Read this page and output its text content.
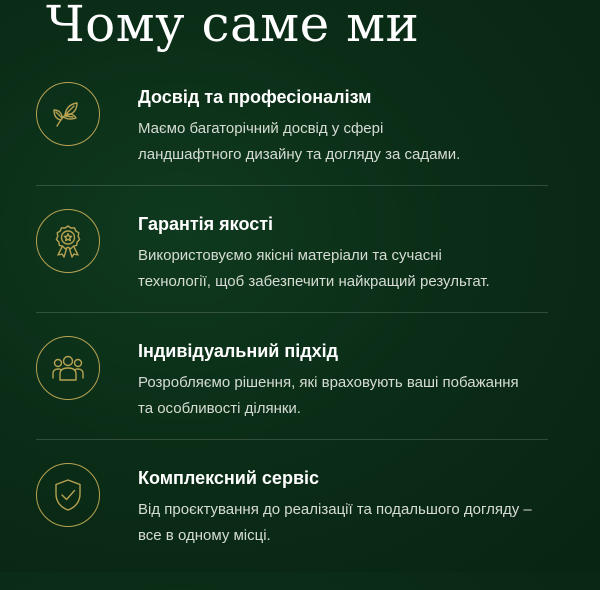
Чому саме ми
Досвід та професіоналізм
Маємо багаторічний досвід у сфері
ландшафтного дизайну та догляду за садами.
Гарантія якості
Використовуємо якісні матеріали та сучасні
технології, щоб забезпечити найкращий результат.
Індивідуальний підхід
Розробляємо рішення, які враховують ваші побажання
та особливості ділянки.
Комплексний сервіс
Від проєктування до реалізації та подальшого догляду –
все в одному місці.
